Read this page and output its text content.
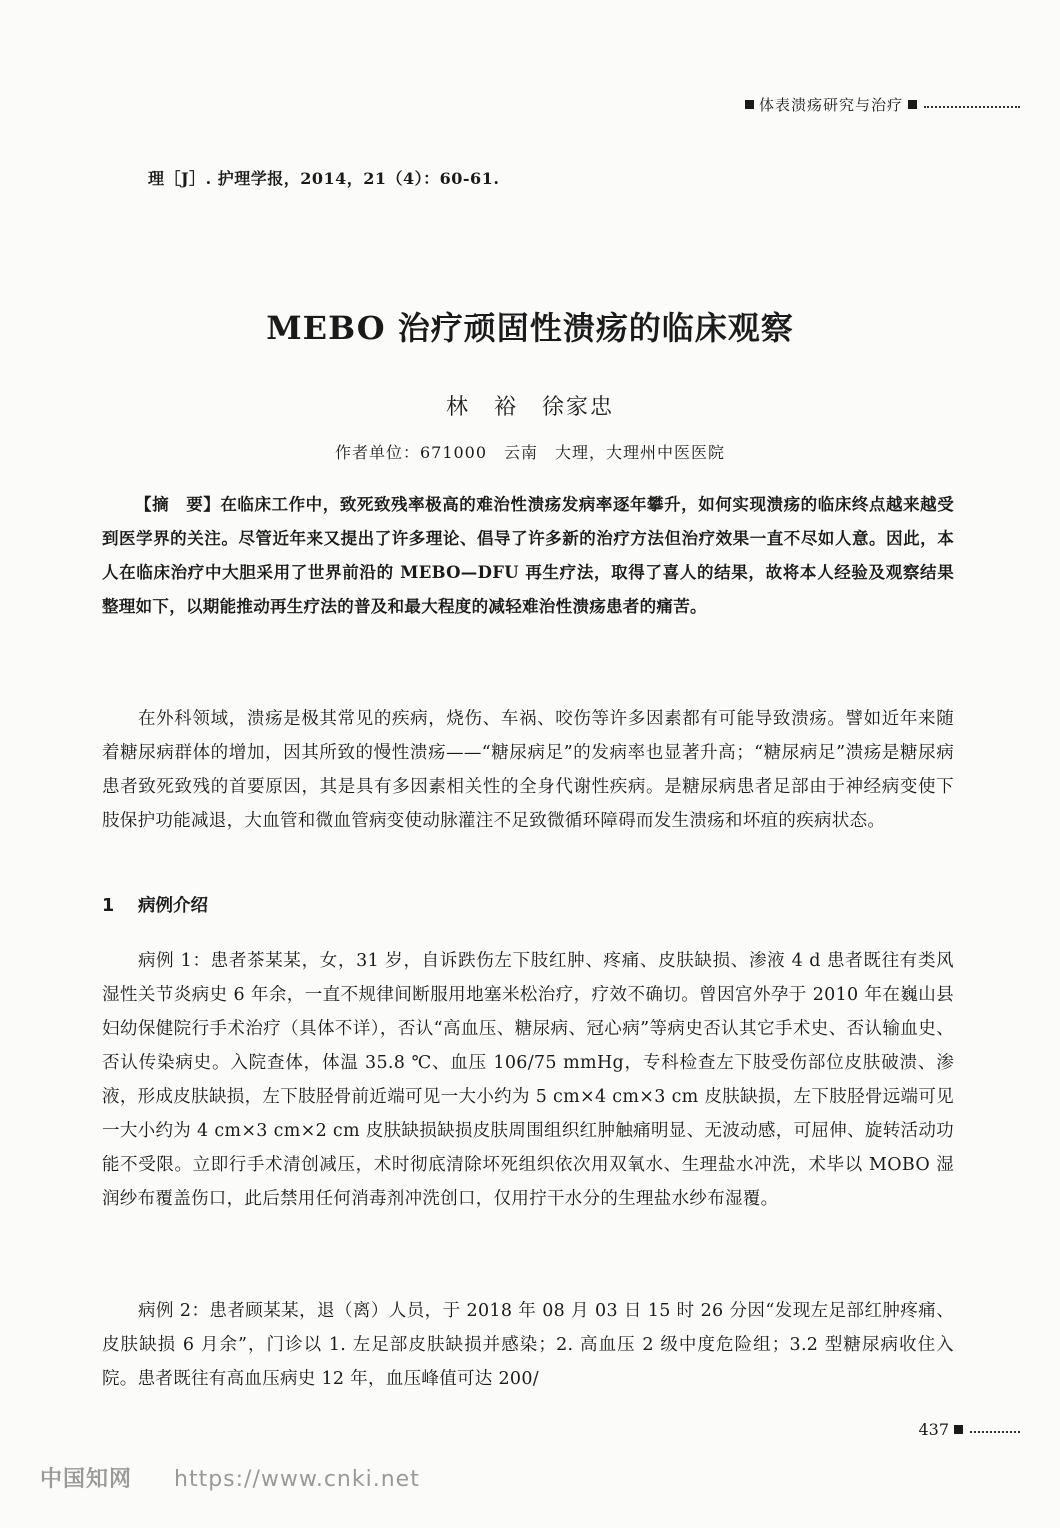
体表溃疡研究与治疗
理［J］. 护理学报，2014，21（4）：60-61.
MEBO 治疗顽固性溃疡的临床观察
林　裕　徐家忠
作者单位：671000　云南　大理，大理州中医医院

【摘　要】在临床工作中，致死致残率极高的难治性溃疡发病率逐年攀升，如何实现溃疡的临床终点越来越受到医学界的关注。尽管近年来又提出了许多理论、倡导了许多新的治疗方法但治疗效果一直不尽如人意。因此，本人在临床治疗中大胆采用了世界前沿的 MEBO—DFU 再生疗法，取得了喜人的结果，故将本人经验及观察结果整理如下，以期能推动再生疗法的普及和最大程度的减轻难治性溃疡患者的痛苦。

在外科领域，溃疡是极其常见的疾病，烧伤、车祸、咬伤等许多因素都有可能导致溃疡。譬如近年来随着糖尿病群体的增加，因其所致的慢性溃疡——“糖尿病足”的发病率也显著升高；“糖尿病足”溃疡是糖尿病患者致死致残的首要原因，其是具有多因素相关性的全身代谢性疾病。是糖尿病患者足部由于神经病变使下肢保护功能减退，大血管和微血管病变使动脉灌注不足致微循环障碍而发生溃疡和坏疽的疾病状态。

1 病例介绍

病例 1：患者茶某某，女，31 岁，自诉跌伤左下肢红肿、疼痛、皮肤缺损、渗液 4 d 患者既往有类风湿性关节炎病史 6 年余，一直不规律间断服用地塞米松治疗，疗效不确切。曾因宫外孕于 2010 年在巍山县妇幼保健院行手术治疗（具体不详），否认“高血压、糖尿病、冠心病”等病史否认其它手术史、否认输血史、否认传染病史。入院查体，体温 35.8 ℃、血压 106/75 mmHg，专科检查左下肢受伤部位皮肤破溃、渗液，形成皮肤缺损，左下肢胫骨前近端可见一大小约为 5 cm×4 cm×3 cm 皮肤缺损，左下肢胫骨远端可见一大小约为 4 cm×3 cm×2 cm 皮肤缺损缺损皮肤周围组织红肿触痛明显、无波动感，可屈伸、旋转活动功能不受限。立即行手术清创减压，术时彻底清除坏死组织依次用双氧水、生理盐水冲洗，术毕以 MOBO 湿润纱布覆盖伤口，此后禁用任何消毒剂冲洗创口，仅用拧干水分的生理盐水纱布湿覆。

病例 2：患者顾某某，退（离）人员，于 2018 年 08 月 03 日 15 时 26 分因“发现左足部红肿疼痛、皮肤缺损 6 月余”，门诊以 1. 左足部皮肤缺损并感染；2. 高血压 2 级中度危险组；3.2 型糖尿病收住入院。患者既往有高血压病史 12 年，血压峰值可达 200/

437
中国知网 https://www.cnki.net
